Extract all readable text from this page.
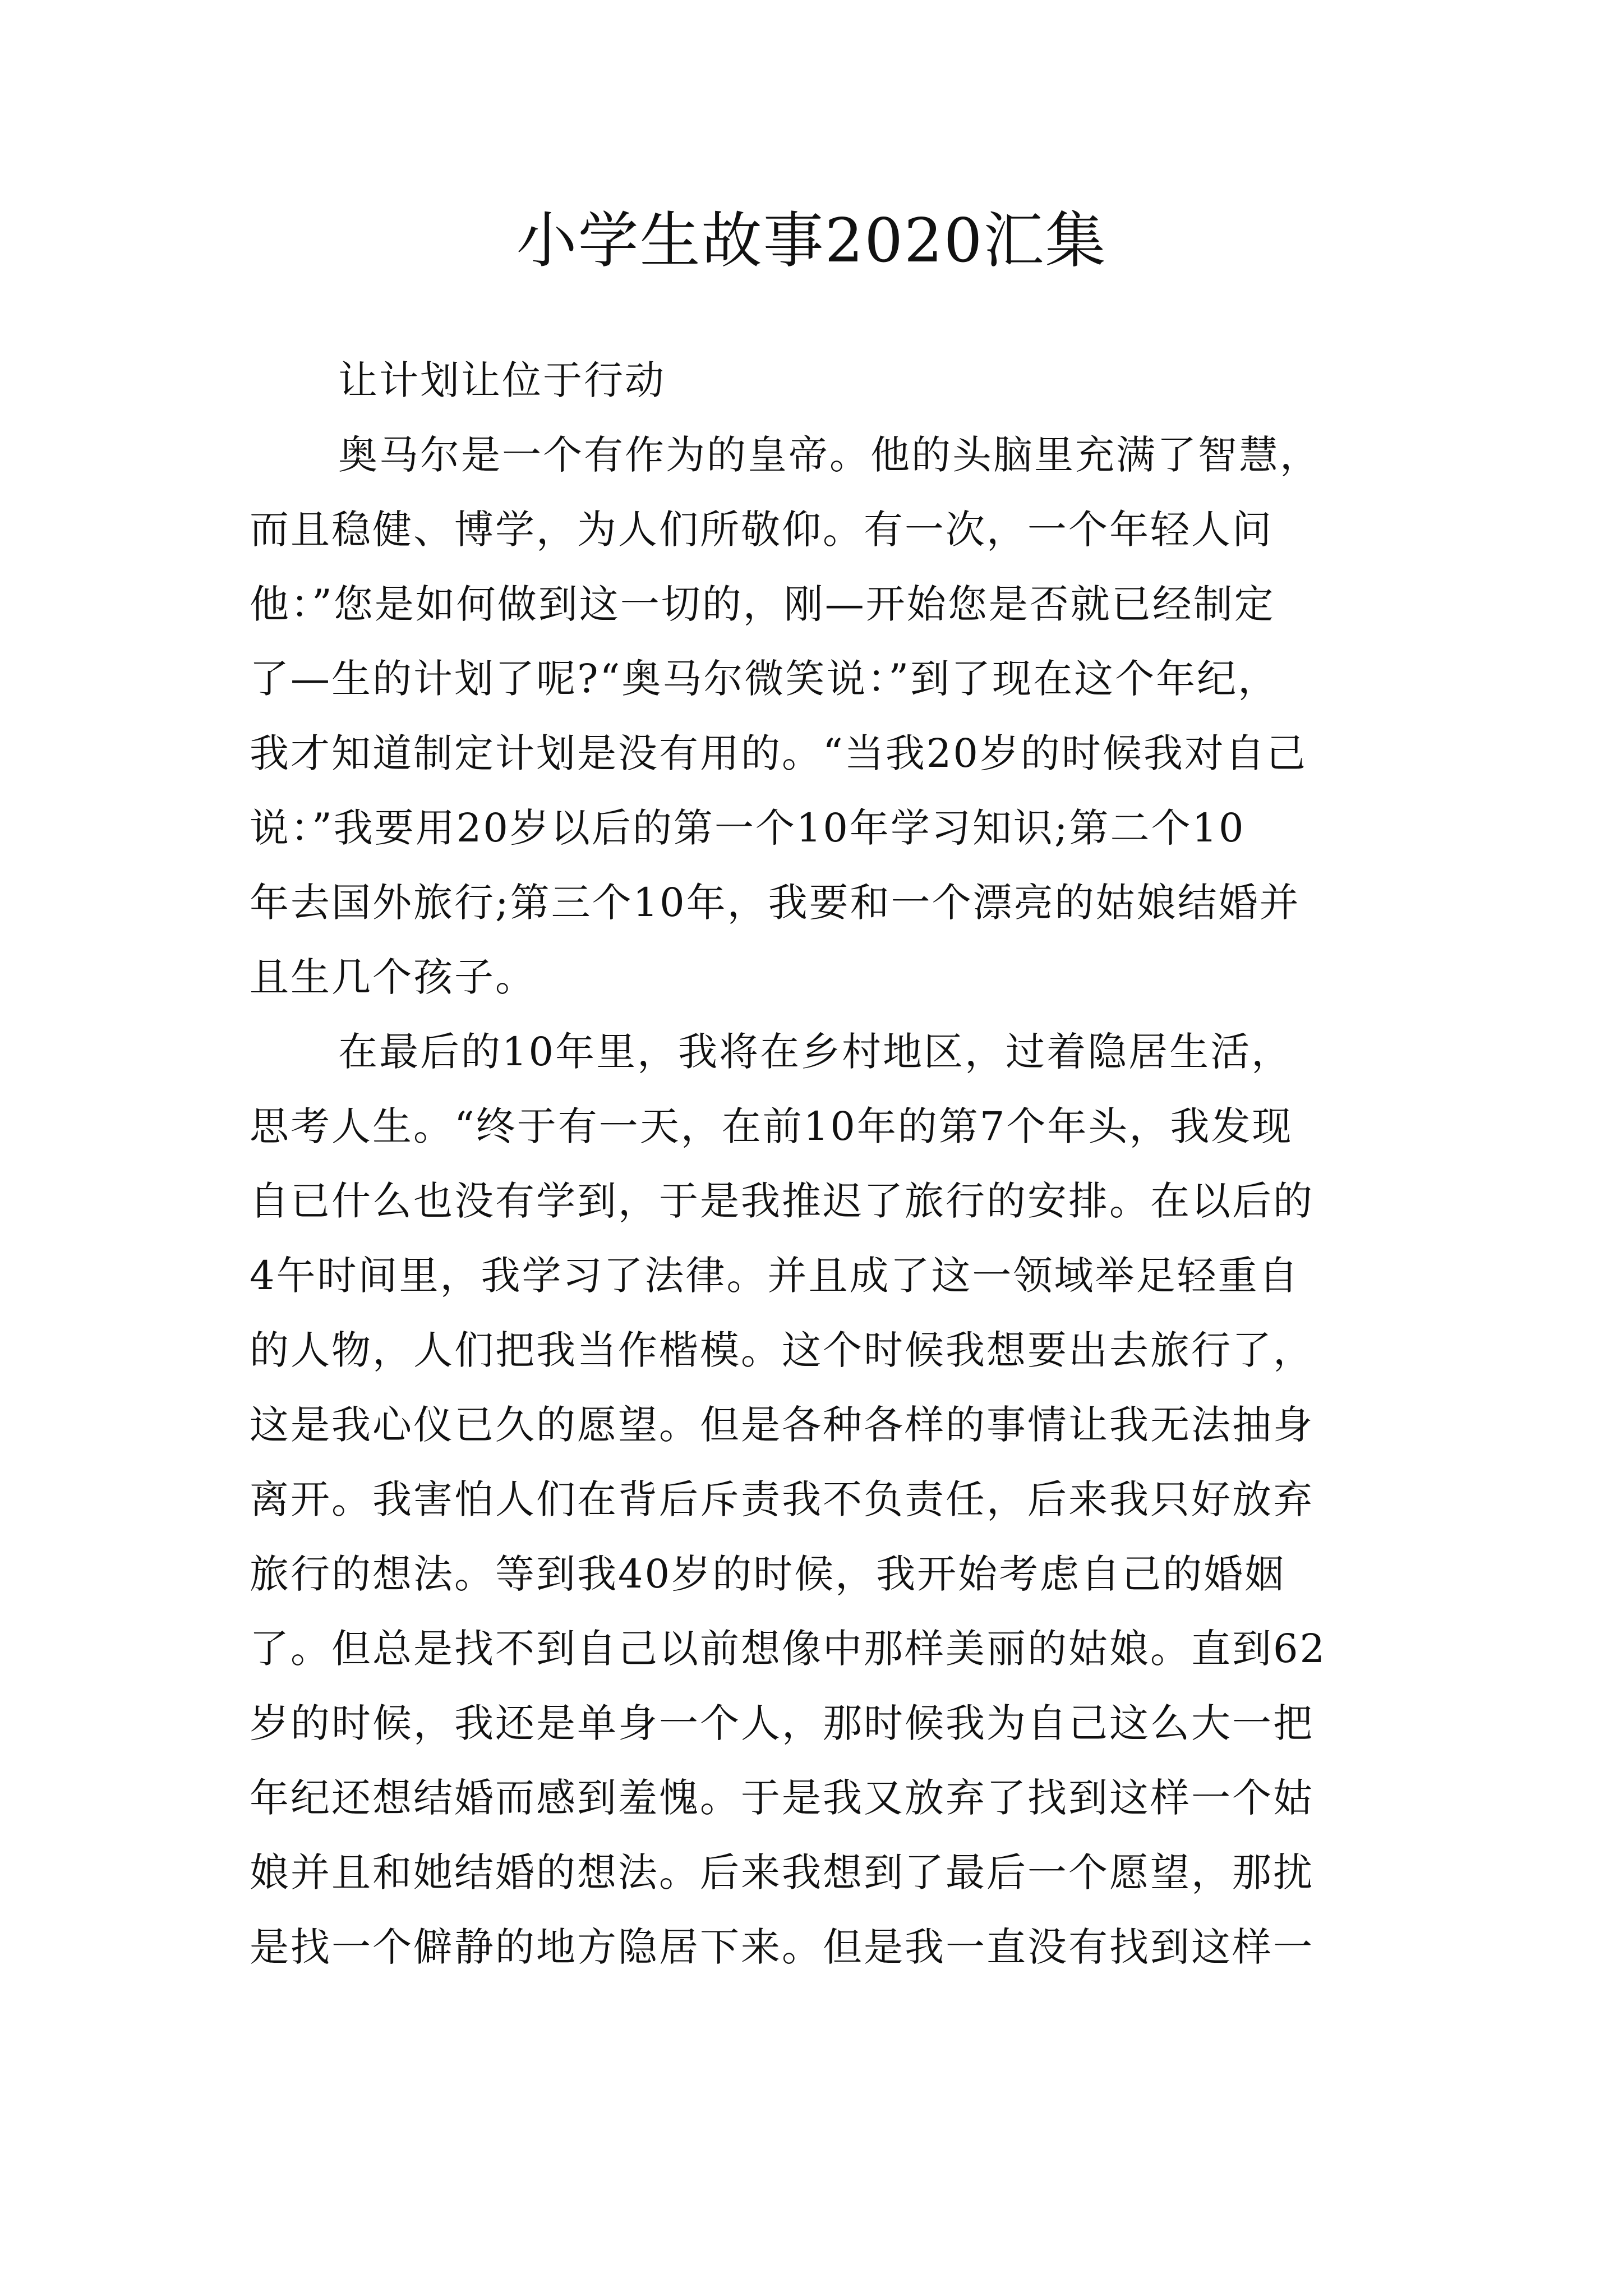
小学生故事2020汇集
让计划让位于行动
奥马尔是一个有作为的皇帝。他的头脑里充满了智慧，
而且稳健、博学，为人们所敬仰。有一次，一个年轻人问
他：”您是如何做到这一切的，刚—开始您是否就已经制定
了—生的计划了呢?“奥马尔微笑说：”到了现在这个年纪，
我才知道制定计划是没有用的。“当我20岁的时候我对自己
说：”我要用20岁以后的第一个10年学习知识;第二个10
年去国外旅行;第三个10年，我要和一个漂亮的姑娘结婚并
且生几个孩子。
在最后的10年里，我将在乡村地区，过着隐居生活，
思考人生。“终于有一天，在前10年的第7个年头，我发现
自已什么也没有学到，于是我推迟了旅行的安排。在以后的
4午时间里，我学习了法律。并且成了这一领域举足轻重自
的人物，人们把我当作楷模。这个时候我想要出去旅行了，
这是我心仪已久的愿望。但是各种各样的事情让我无法抽身
离开。我害怕人们在背后斥责我不负责任，后来我只好放弃
旅行的想法。等到我40岁的时候，我开始考虑自己的婚姻
了。但总是找不到自己以前想像中那样美丽的姑娘。直到62
岁的时候，我还是单身一个人，那时候我为自己这么大一把
年纪还想结婚而感到羞愧。于是我又放弃了找到这样一个姑
娘并且和她结婚的想法。后来我想到了最后一个愿望，那扰
是找一个僻静的地方隐居下来。但是我一直没有找到这样一
